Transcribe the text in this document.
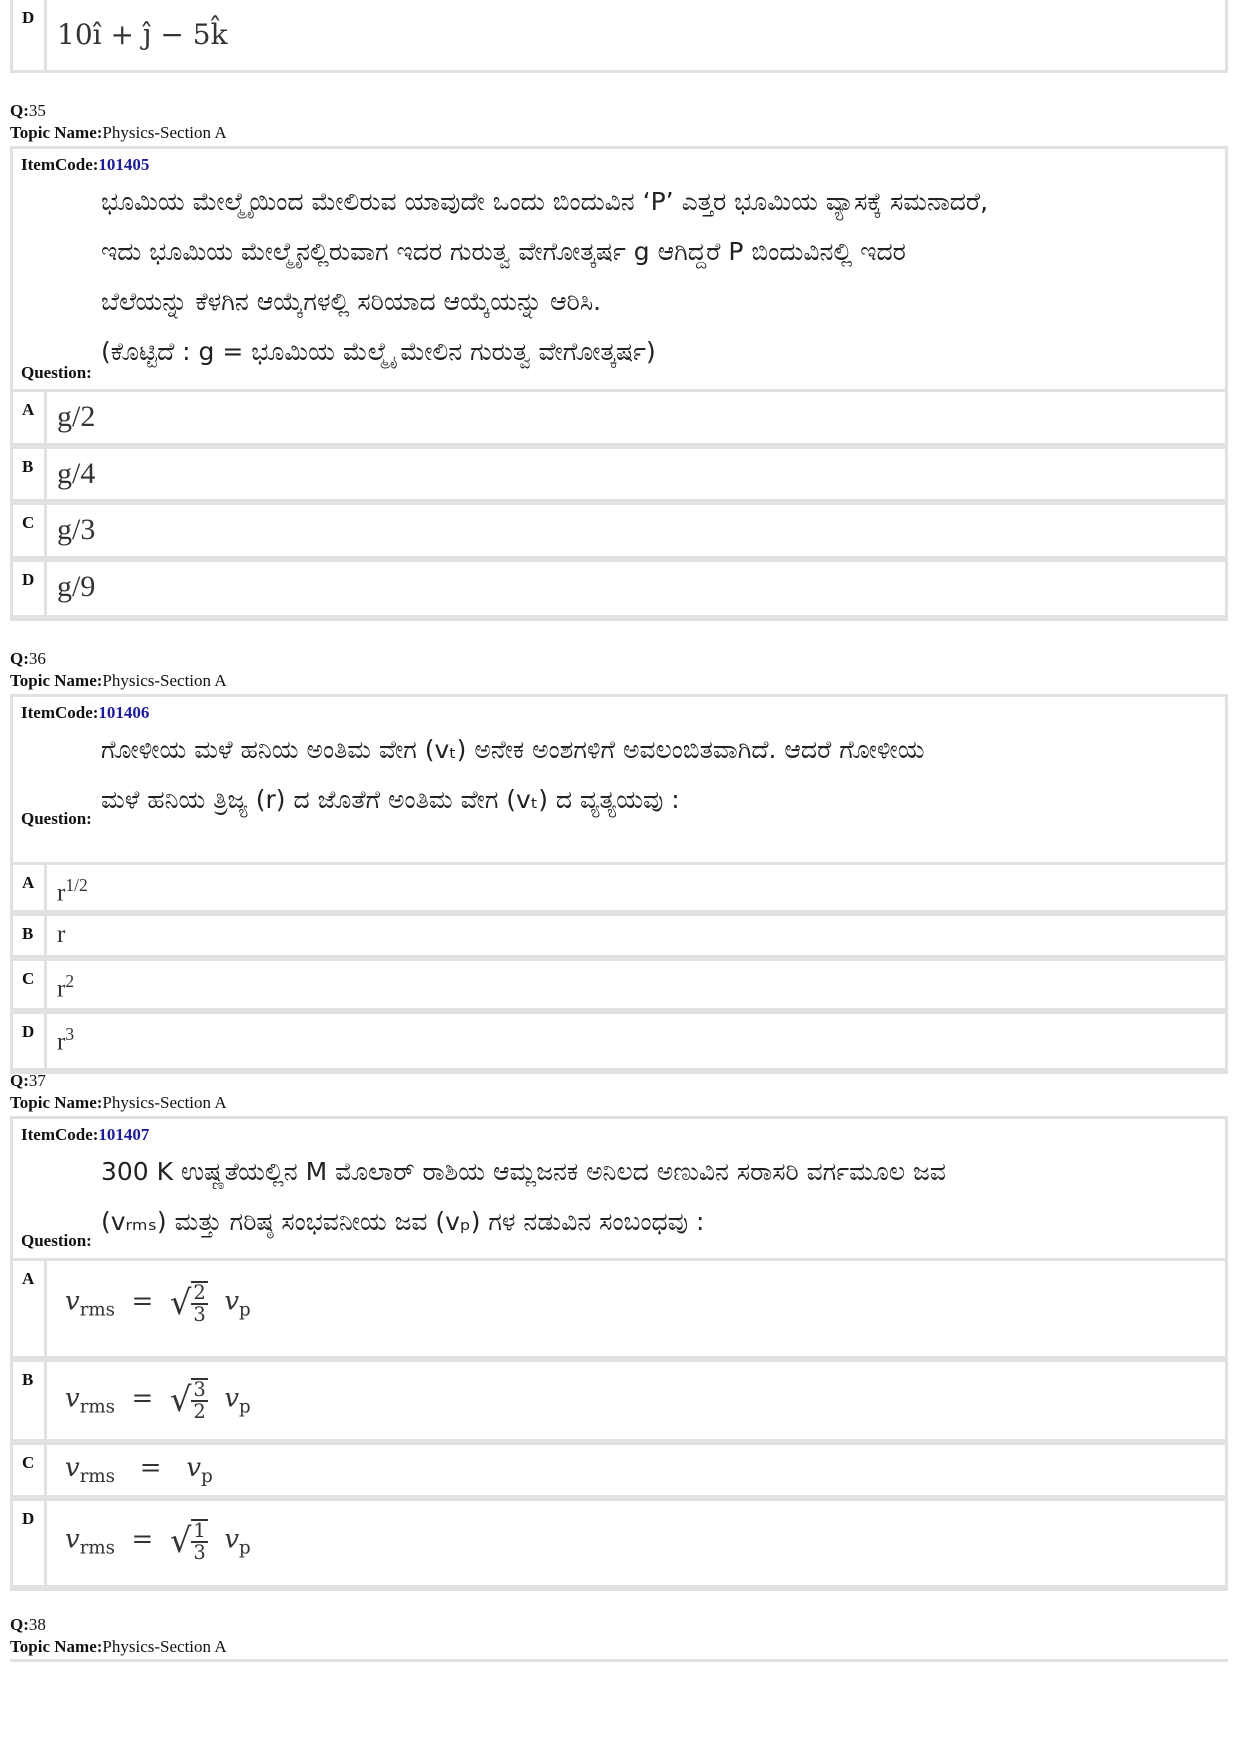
D
10î + ĵ − 5k̂
Q:35
Topic Name:Physics-Section A
ItemCode:101405
ಭೂಮಿಯ ಮೇಲ್ಮೈಯಿಂದ ಮೇಲಿರುವ ಯಾವುದೇ ಒಂದು ಬಿಂದುವಿನ ‘P’ ಎತ್ತರ ಭೂಮಿಯ ವ್ಯಾಸಕ್ಕೆ ಸಮನಾದರೆ,
ಇದು ಭೂಮಿಯ ಮೇಲ್ಮೈನಲ್ಲಿರುವಾಗ ಇದರ ಗುರುತ್ವ ವೇಗೋತ್ಕರ್ಷ g ಆಗಿದ್ದರೆ P ಬಿಂದುವಿನಲ್ಲಿ ಇದರ
ಬೆಲೆಯನ್ನು ಕೆಳಗಿನ ಆಯ್ಕೆಗಳಲ್ಲಿ ಸರಿಯಾದ ಆಯ್ಕೆಯನ್ನು ಆರಿಸಿ.
(ಕೊಟ್ಟಿದೆ : g = ಭೂಮಿಯ ಮೆಲ್ಮೈ ಮೇಲಿನ ಗುರುತ್ವ ವೇಗೋತ್ಕರ್ಷ)
Question:
A g/2
B g/4
C g/3
D g/9
Q:36
Topic Name:Physics-Section A
ItemCode:101406
ಗೋಳೀಯ ಮಳೆ ಹನಿಯ ಅಂತಿಮ ವೇಗ (vₜ) ಅನೇಕ ಅಂಶಗಳಿಗೆ ಅವಲಂಬಿತವಾಗಿದೆ. ಆದರೆ ಗೋಳೀಯ
ಮಳೆ ಹನಿಯ ತ್ರಿಜ್ಯ (r) ದ ಜೊತೆಗೆ ಅಂತಿಮ ವೇಗ (vₜ) ದ ವ್ಯತ್ಯಯವು :
Question:
A $r^{1/2}$
B r
C $r^2$
D $r^3$
Q:37
Topic Name:Physics-Section A
ItemCode:101407
300 K ಉಷ್ಣತೆಯಲ್ಲಿನ M ಮೊಲಾರ್ ರಾಶಿಯ ಆಮ್ಲಜನಕ ಅನಿಲದ ಅಣುವಿನ ಸರಾಸರಿ ವರ್ಗಮೂಲ ಜವ
(vᵣₘₛ) ಮತ್ತು ಗರಿಷ್ಠ ಸಂಭವನೀಯ ಜವ (vₚ) ಗಳ ನಡುವಿನ ಸಂಬಂಧವು :
Question:
A
$v_{rms}$ = √ $\frac{2}{3} v_p$
B
$v_{rms}$ = √ $\frac{3}{2} v_p$
C $v_{rms} = v_p$
D
$v_{rms}$ = √ $\frac{1}{3} v_p$
Q:38
Topic Name:Physics-Section A
